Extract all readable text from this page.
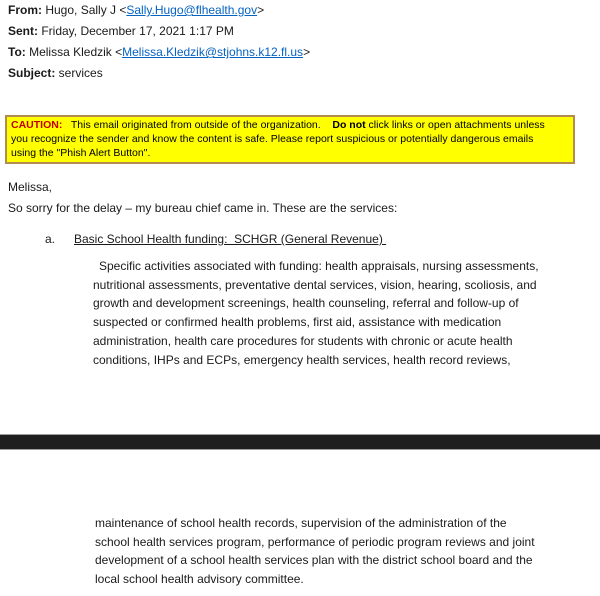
From: Hugo, Sally J <Sally.Hugo@flhealth.gov>
Sent: Friday, December 17, 2021 1:17 PM
To: Melissa Kledzik <Melissa.Kledzik@stjohns.k12.fl.us>
Subject: services
CAUTION:   This email originated from outside of the organization.    Do not click links or open attachments unless
you recognize the sender and know the content is safe. Please report suspicious or potentially dangerous emails
using the "Phish Alert Button".
Melissa,
So sorry for the delay – my bureau chief came in. These are the services:
a. Basic School Health funding:  SCHGR (General Revenue)
Specific activities associated with funding: health appraisals, nursing assessments,
nutritional assessments, preventative dental services, vision, hearing, scoliosis, and
growth and development screenings, health counseling, referral and follow-up of
suspected or confirmed health problems, first aid, assistance with medication
administration, health care procedures for students with chronic or acute health
conditions, IHPs and ECPs, emergency health services, health record reviews,
maintenance of school health records, supervision of the administration of the
school health services program, performance of periodic program reviews and joint
development of a school health services plan with the district school board and the
local school health advisory committee.
